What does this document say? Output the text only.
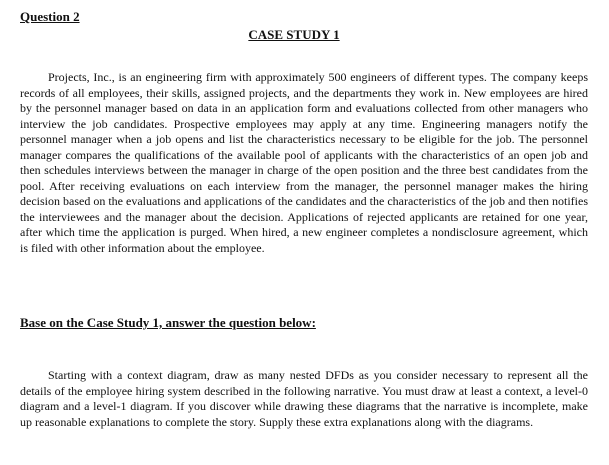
Question 2
CASE STUDY 1

Projects, Inc., is an engineering firm with approximately 500 engineers of different types. The company keeps records of all employees, their skills, assigned projects, and the departments they work in. New employees are hired by the personnel manager based on data in an application form and evaluations collected from other managers who interview the job candidates. Prospective employees may apply at any time. Engineering managers notify the personnel manager when a job opens and list the characteristics necessary to be eligible for the job. The personnel manager compares the qualifications of the available pool of applicants with the characteristics of an open job and then schedules interviews between the manager in charge of the open position and the three best candidates from the pool. After receiving evaluations on each interview from the manager, the personnel manager makes the hiring decision based on the evaluations and applications of the candidates and the characteristics of the job and then notifies the interviewees and the manager about the decision. Applications of rejected applicants are retained for one year, after which time the application is purged. When hired, a new engineer completes a nondisclosure agreement, which is filed with other information about the employee.

Base on the Case Study 1, answer the question below:

Starting with a context diagram, draw as many nested DFDs as you consider necessary to represent all the details of the employee hiring system described in the following narrative. You must draw at least a context, a level-0 diagram and a level-1 diagram. If you discover while drawing these diagrams that the narrative is incomplete, make up reasonable explanations to complete the story. Supply these extra explanations along with the diagrams.
